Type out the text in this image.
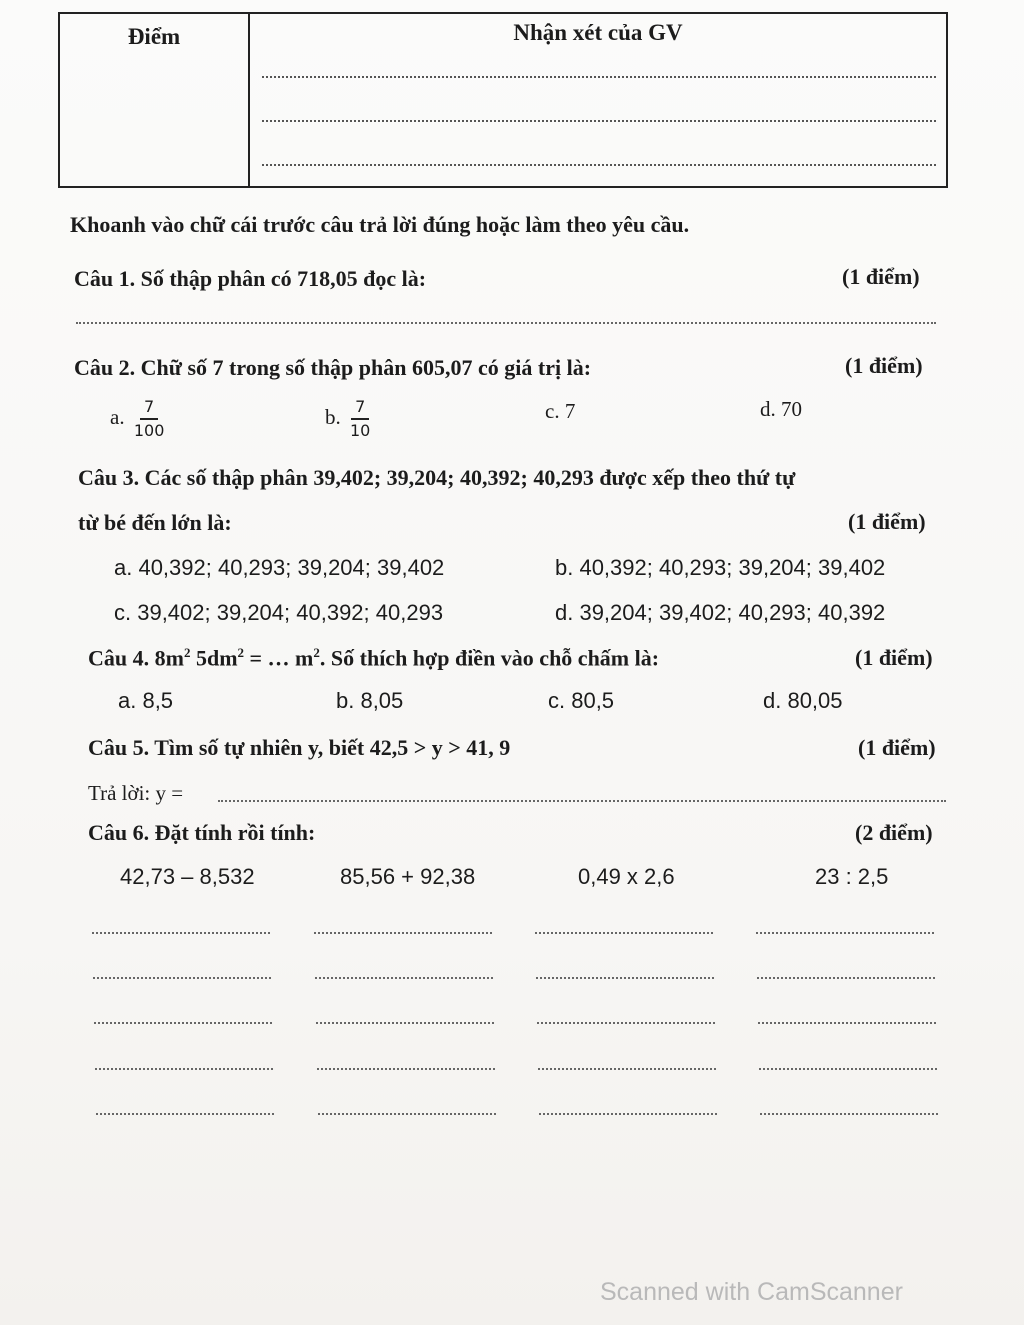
Điểm	Nhận xét của GV
Khoanh vào chữ cái trước câu trả lời đúng hoặc làm theo yêu cầu.
Câu 1. Số thập phân có 718,05 đọc là:	(1 điểm)
Câu 2. Chữ số 7 trong số thập phân 605,07 có giá trị là:	(1 điểm)
a. $\frac{7}{100}$	b. $\frac{7}{10}$	c. 7	d. 70
Câu 3. Các số thập phân 39,402; 39,204; 40,392; 40,293 được xếp theo thứ tự
từ bé đến lớn là:	(1 điểm)
a. 40,392; 40,293; 39,204; 39,402	b. 40,392; 40,293; 39,204; 39,402
c. 39,402; 39,204; 40,392; 40,293	d. 39,204; 39,402; 40,293; 40,392
Câu 4. $8m^2$ $5dm^2$ = … $m^2$. Số thích hợp điền vào chỗ chấm là:	(1 điểm)
a. 8,5	b. 8,05	c. 80,5	d. 80,05
Câu 5. Tìm số tự nhiên y, biết 42,5 > y > 41, 9	(1 điểm)
Trả lời: y =
Câu 6. Đặt tính rồi tính:	(2 điểm)
42,73 – 8,532	85,56 + 92,38	0,49 x 2,6	23 : 2,5
Scanned with CamScanner
